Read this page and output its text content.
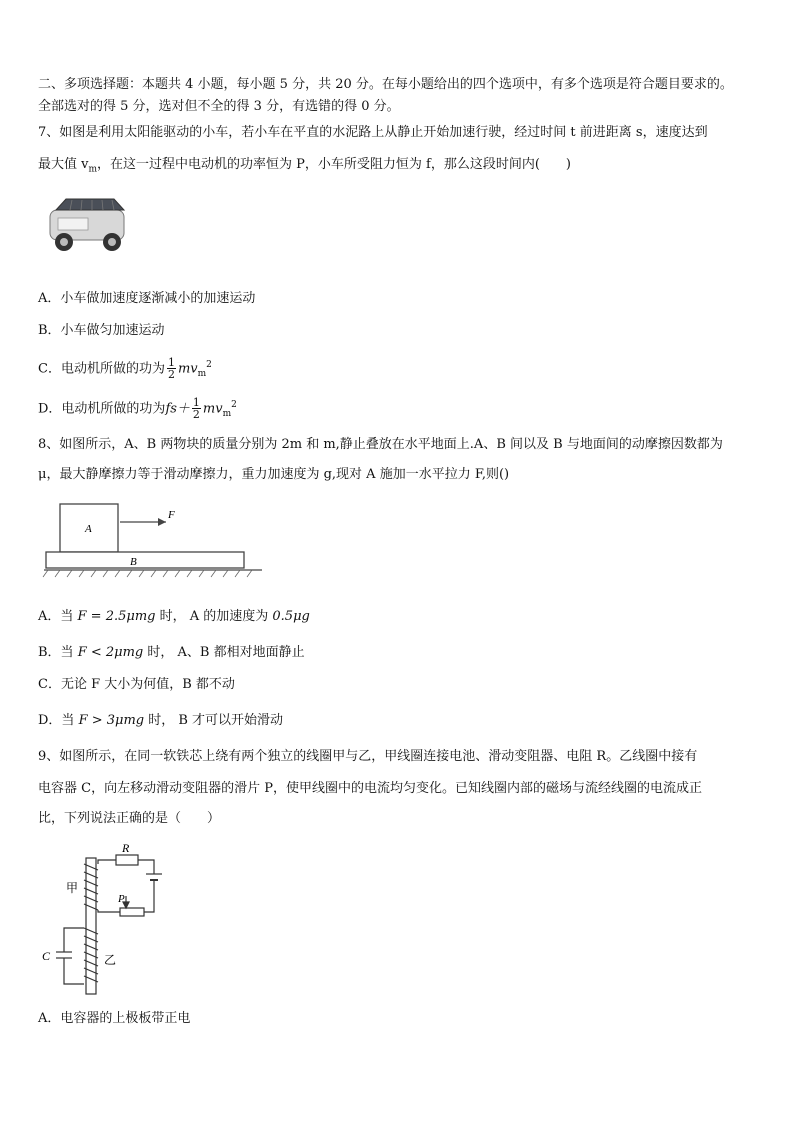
二、多项选择题：本题共 4 小题，每小题 5 分，共 20 分。在每小题给出的四个选项中，有多个选项是符合题目要求的。
全部选对的得 5 分，选对但不全的得 3 分，有选错的得 0 分。
7、如图是利用太阳能驱动的小车，若小车在平直的水泥路上从静止开始加速行驶，经过时间 t 前进距离 s，速度达到
最大值 $v_m$，在这一过程中电动机的功率恒为 P，小车所受阻力恒为 f，那么这段时间内(　　)
A．小车做加速度逐渐减小的加速运动
B．小车做匀加速运动
C．电动机所做的功为 $\frac{1}{2} mv_m^2$
D．电动机所做的功为$fs+ \frac{1}{2} mv_m^2$
8、如图所示，A、B 两物块的质量分别为 2m 和 m,静止叠放在水平地面上.A、B 间以及 B 与地面间的动摩擦因数都为
μ，最大静摩擦力等于滑动摩擦力，重力加速度为 g,现对 A 施加一水平拉力 F,则()
A
F
B
A．当 F = 2.5μmg 时， A 的加速度为 0.5μg
B．当 F < 2μmg 时， A、B 都相对地面静止
C．无论 F 大小为何值，B 都不动
D．当 F > 3μmg 时， B 才可以开始滑动
9、如图所示，在同一软铁芯上绕有两个独立的线圈甲与乙，甲线圈连接电池、滑动变阻器、电阻 R。乙线圈中接有
电容器 C，向左移动滑动变阻器的滑片 P，使甲线圈中的电流均匀变化。已知线圈内部的磁场与流经线圈的电流成正
比，下列说法正确的是（　　）
R
甲
P
C	乙
A．电容器的上极板带正电
